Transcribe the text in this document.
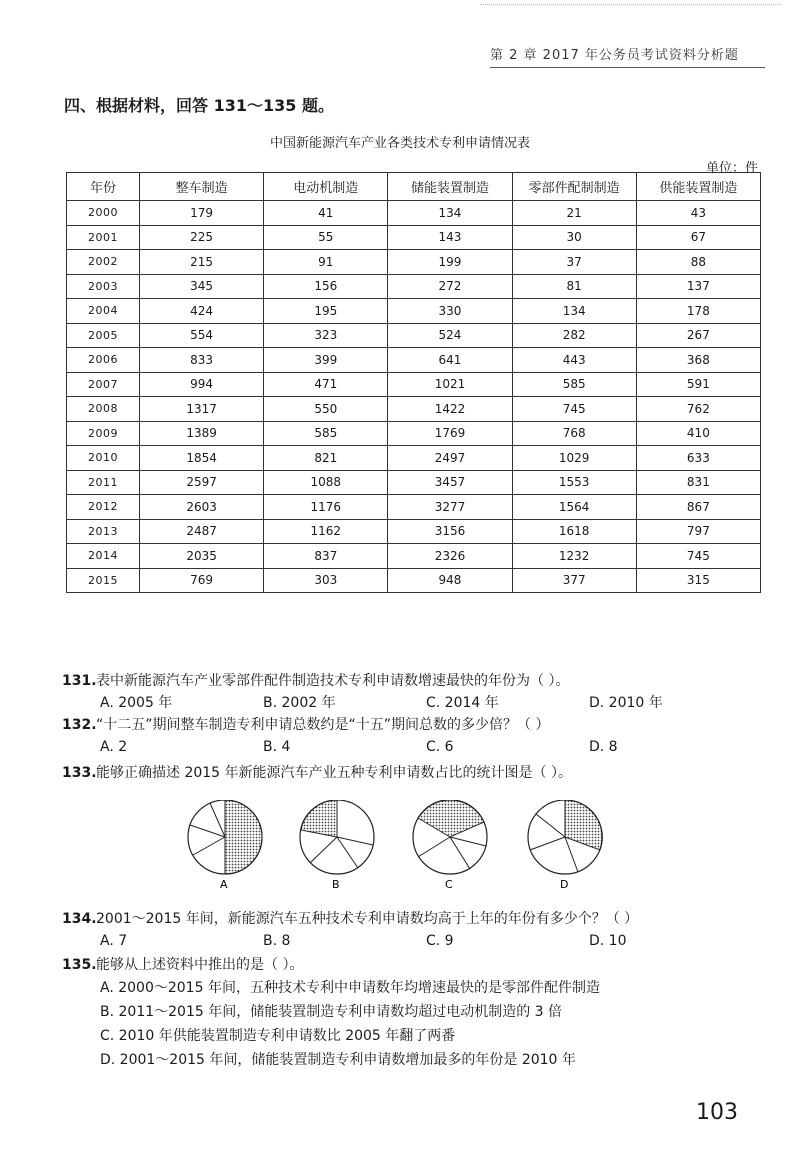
第 2 章 2017 年公务员考试资料分析题
四、根据材料，回答 131～135 题。
中国新能源汽车产业各类技术专利申请情况表
单位：件
年份	整车制造	电动机制造	储能装置制造	零部件配制制造	供能装置制造
2000	179	41	134	21	43
2001	225	55	143	30	67
2002	215	91	199	37	88
2003	345	156	272	81	137
2004	424	195	330	134	178
2005	554	323	524	282	267
2006	833	399	641	443	368
2007	994	471	1021	585	591
2008	1317	550	1422	745	762
2009	1389	585	1769	768	410
2010	1854	821	2497	1029	633
2011	2597	1088	3457	1553	831
2012	2603	1176	3277	1564	867
2013	2487	1162	3156	1618	797
2014	2035	837	2326	1232	745
2015	769	303	948	377	315
131.表中新能源汽车产业零部件配件制造技术专利申请数增速最快的年份为（ ）。
A. 2005 年	B. 2002 年	C. 2014 年	D. 2010 年
132.“十二五”期间整车制造专利申请总数约是“十五”期间总数的多少倍？（ ）
A. 2	B. 4	C. 6	D. 8
133.能够正确描述 2015 年新能源汽车产业五种专利申请数占比的统计图是（ ）。
134.2001～2015 年间，新能源汽车五种技术专利申请数均高于上年的年份有多少个？（ ）
A. 7	B. 8	C. 9	D. 10
135.能够从上述资料中推出的是（ ）。
A. 2000～2015 年间，五种技术专利中申请数年均增速最快的是零部件配件制造
B. 2011～2015 年间，储能装置制造专利申请数均超过电动机制造的 3 倍
C. 2010 年供能装置制造专利申请数比 2005 年翻了两番
D. 2001～2015 年间，储能装置制造专利申请数增加最多的年份是 2010 年
A	B	C	D
103
